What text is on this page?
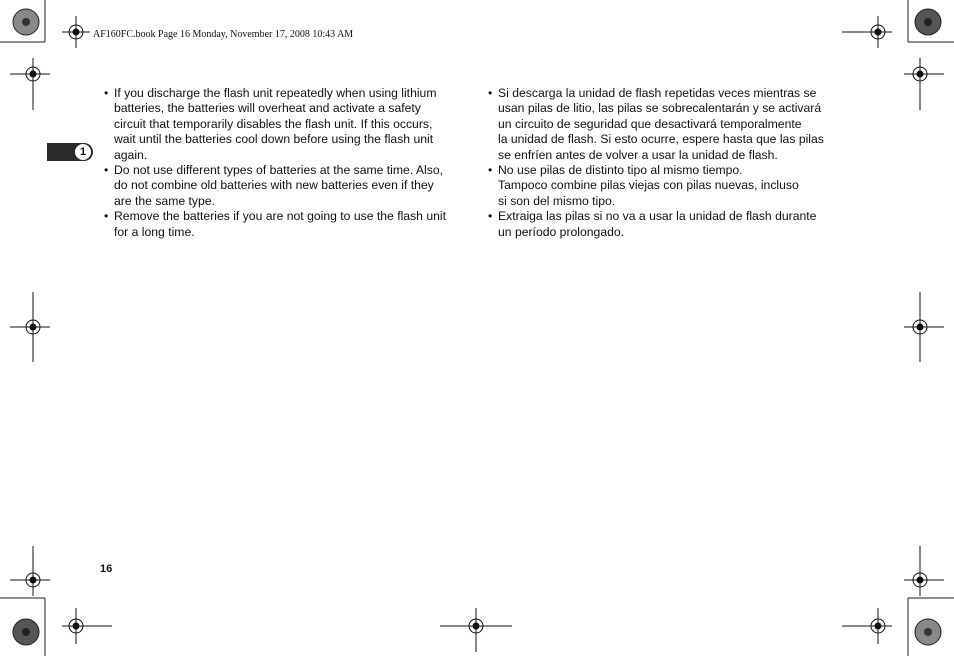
AF160FC.book Page 16 Monday, November 17, 2008 10:43 AM
1
• If you discharge the flash unit repeatedly when using lithium
batteries, the batteries will overheat and activate a safety
circuit that temporarily disables the flash unit. If this occurs,
wait until the batteries cool down before using the flash unit
again.
• Do not use different types of batteries at the same time. Also,
do not combine old batteries with new batteries even if they
are the same type.
• Remove the batteries if you are not going to use the flash unit
for a long time.
• Si descarga la unidad de flash repetidas veces mientras se
usan pilas de litio, las pilas se sobrecalentarán y se activará
un circuito de seguridad que desactivará temporalmente
la unidad de flash. Si esto ocurre, espere hasta que las pilas
se enfríen antes de volver a usar la unidad de flash.
• No use pilas de distinto tipo al mismo tiempo.
Tampoco combine pilas viejas con pilas nuevas, incluso
si son del mismo tipo.
• Extraiga las pilas si no va a usar la unidad de flash durante
un período prolongado.
16
